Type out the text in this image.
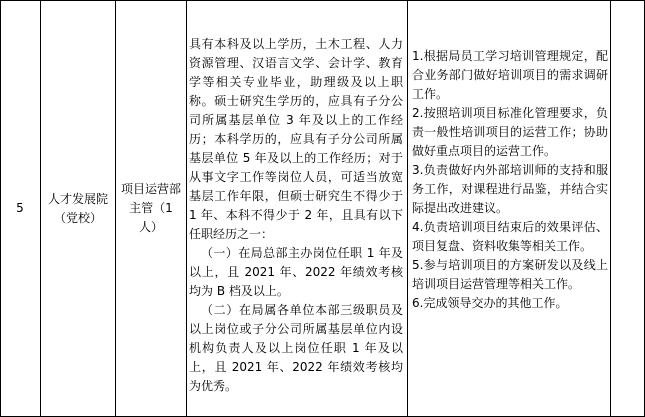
5
人才发展院（党校）
项目运营部主管（1人）

具有本科及以上学历，土木工程、人力资源管理、汉语言文学、会计学、教育学等相关专业毕业，助理级及以上职称。硕士研究生学历的，应具有子分公司所属基层单位 3 年及以上的工作经历；本科学历的，应具有子分公司所属基层单位 5 年及以上的工作经历；对于从事文字工作等岗位人员，可适当放宽基层工作年限，但硕士研究生不得少于 1 年、本科不得少于 2 年，且具有以下任职经历之一：

（一）在局总部主办岗位任职 1 年及以上，且 2021 年、2022 年绩效考核均为 B 档及以上。

（二）在局属各单位本部三级职员及以上岗位或子分公司所属基层单位内设机构负责人及以上岗位任职 1 年及以上，且 2021 年、2022 年绩效考核均为优秀。

1.根据局员工学习培训管理规定，配合业务部门做好培训项目的需求调研工作。

2.按照培训项目标准化管理要求，负责一般性培训项目的运营工作；协助做好重点项目的运营工作。

3.负责做好内外部培训师的支持和服务工作，对课程进行品鉴，并结合实际提出改进建议。

4.负责培训项目结束后的效果评估、项目复盘、资料收集等相关工作。

5.参与培训项目的方案研发以及线上培训项目运营管理等相关工作。

6.完成领导交办的其他工作。
